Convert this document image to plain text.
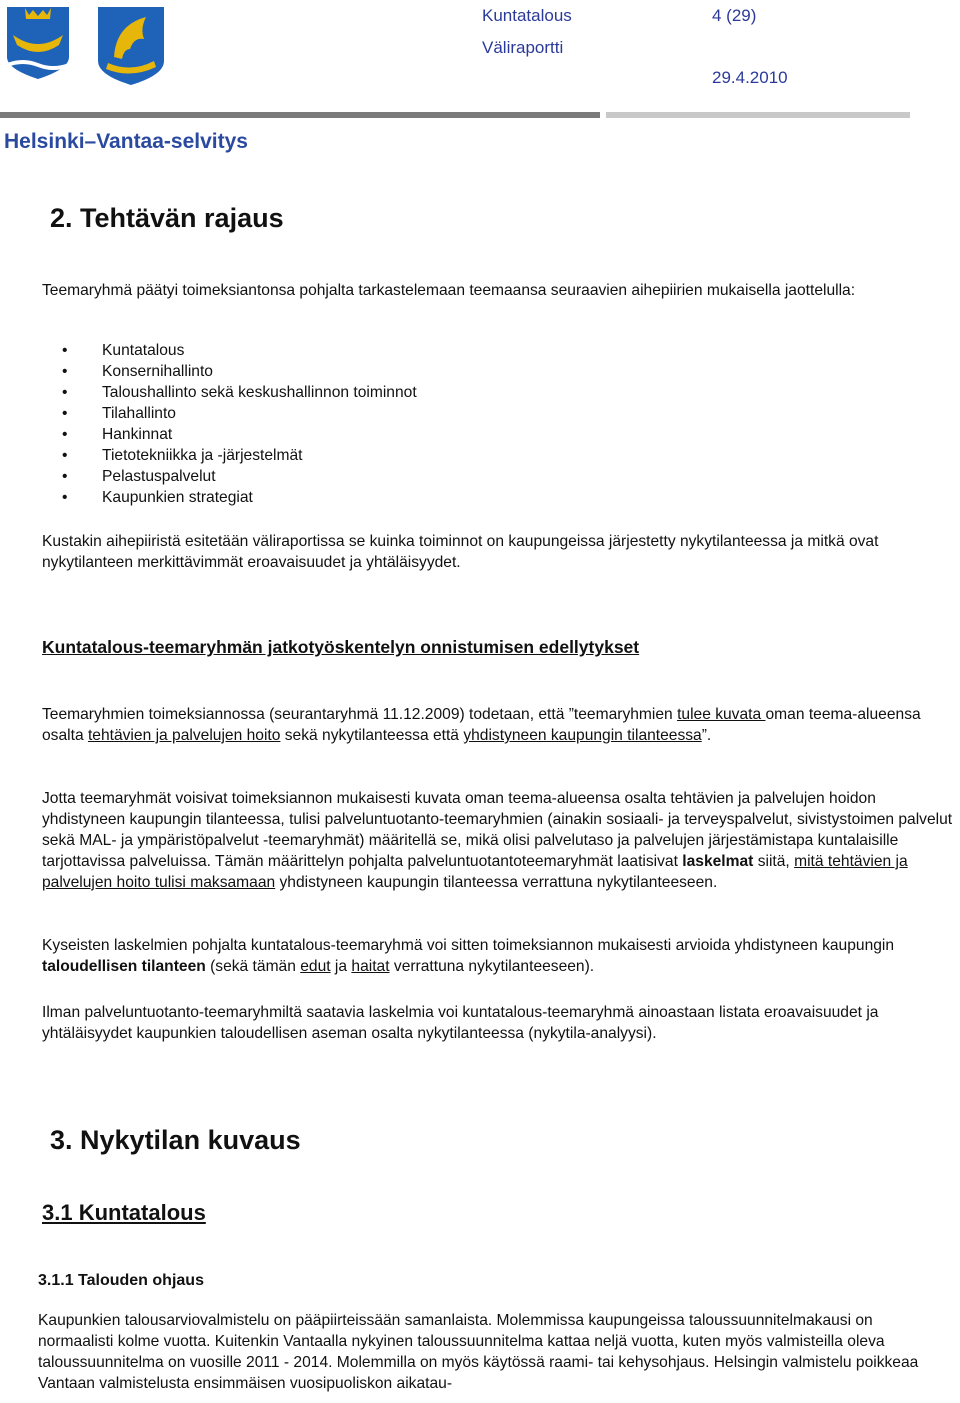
Kuntatalous	4 (29)
Väliraportti
29.4.2010
Helsinki–Vantaa-selvitys
2. Tehtävän rajaus

Teemaryhmä päätyi toimeksiantonsa pohjalta tarkastelemaan teemaansa seuraavien aihepiirien mukaisella jaottelulla:

• Kuntatalous
• Konsernihallinto
• Taloushallinto sekä keskushallinnon toiminnot
• Tilahallinto
• Hankinnat
• Tietotekniikka ja -järjestelmät
• Pelastuspalvelut
• Kaupunkien strategiat

Kustakin aihepiiristä esitetään väliraportissa se kuinka toiminnot on kaupungeissa järjestetty nykytilanteessa ja mitkä ovat nykytilanteen merkittävimmät eroavaisuudet ja yhtäläisyydet.

Kuntatalous-teemaryhmän jatkotyöskentelyn onnistumisen edellytykset

Teemaryhmien toimeksiannossa (seurantaryhmä 11.12.2009) todetaan, että ”teemaryhmien tulee kuvata oman teema-alueensa osalta tehtävien ja palvelujen hoito sekä nykytilanteessa että yhdistyneen kaupungin tilanteessa”.

Jotta teemaryhmät voisivat toimeksiannon mukaisesti kuvata oman teema-alueensa osalta tehtävien ja palvelujen hoidon yhdistyneen kaupungin tilanteessa, tulisi palveluntuotanto-teemaryhmien (ainakin sosiaali- ja terveyspalvelut, sivistystoimen palvelut sekä MAL- ja ympäristöpalvelut -teemaryhmät) määritellä se, mikä olisi palvelutaso ja palvelujen järjestämistapa kuntalaisille tarjottavissa palveluissa. Tämän määrittelyn pohjalta palveluntuotantoteemaryhmät laatisivat laskelmat siitä, mitä tehtävien ja palvelujen hoito tulisi maksamaan yhdistyneen kaupungin tilanteessa verrattuna nykytilanteeseen.

Kyseisten laskelmien pohjalta kuntatalous-teemaryhmä voi sitten toimeksiannon mukaisesti arvioida yhdistyneen kaupungin taloudellisen tilanteen (sekä tämän edut ja haitat verrattuna nykytilanteeseen).

Ilman palveluntuotanto-teemaryhmiltä saatavia laskelmia voi kuntatalous-teemaryhmä ainoastaan listata eroavaisuudet ja yhtäläisyydet kaupunkien taloudellisen aseman osalta nykytilanteessa (nykytila-analyysi).

3. Nykytilan kuvaus
3.1 Kuntatalous
3.1.1 Talouden ohjaus

Kaupunkien talousarviovalmistelu on pääpiirteissään samanlaista. Molemmissa kaupungeissa taloussuunnitelmakausi on normaalisti kolme vuotta. Kuitenkin Vantaalla nykyinen taloussuunnitelma kattaa neljä vuotta, kuten myös valmisteilla oleva taloussuunnitelma on vuosille 2011 - 2014. Molemmilla on myös käytössä raami- tai kehysohjaus. Helsingin valmistelu poikkeaa Vantaan valmistelusta ensimmäisen vuosipuoliskon aikatau-
